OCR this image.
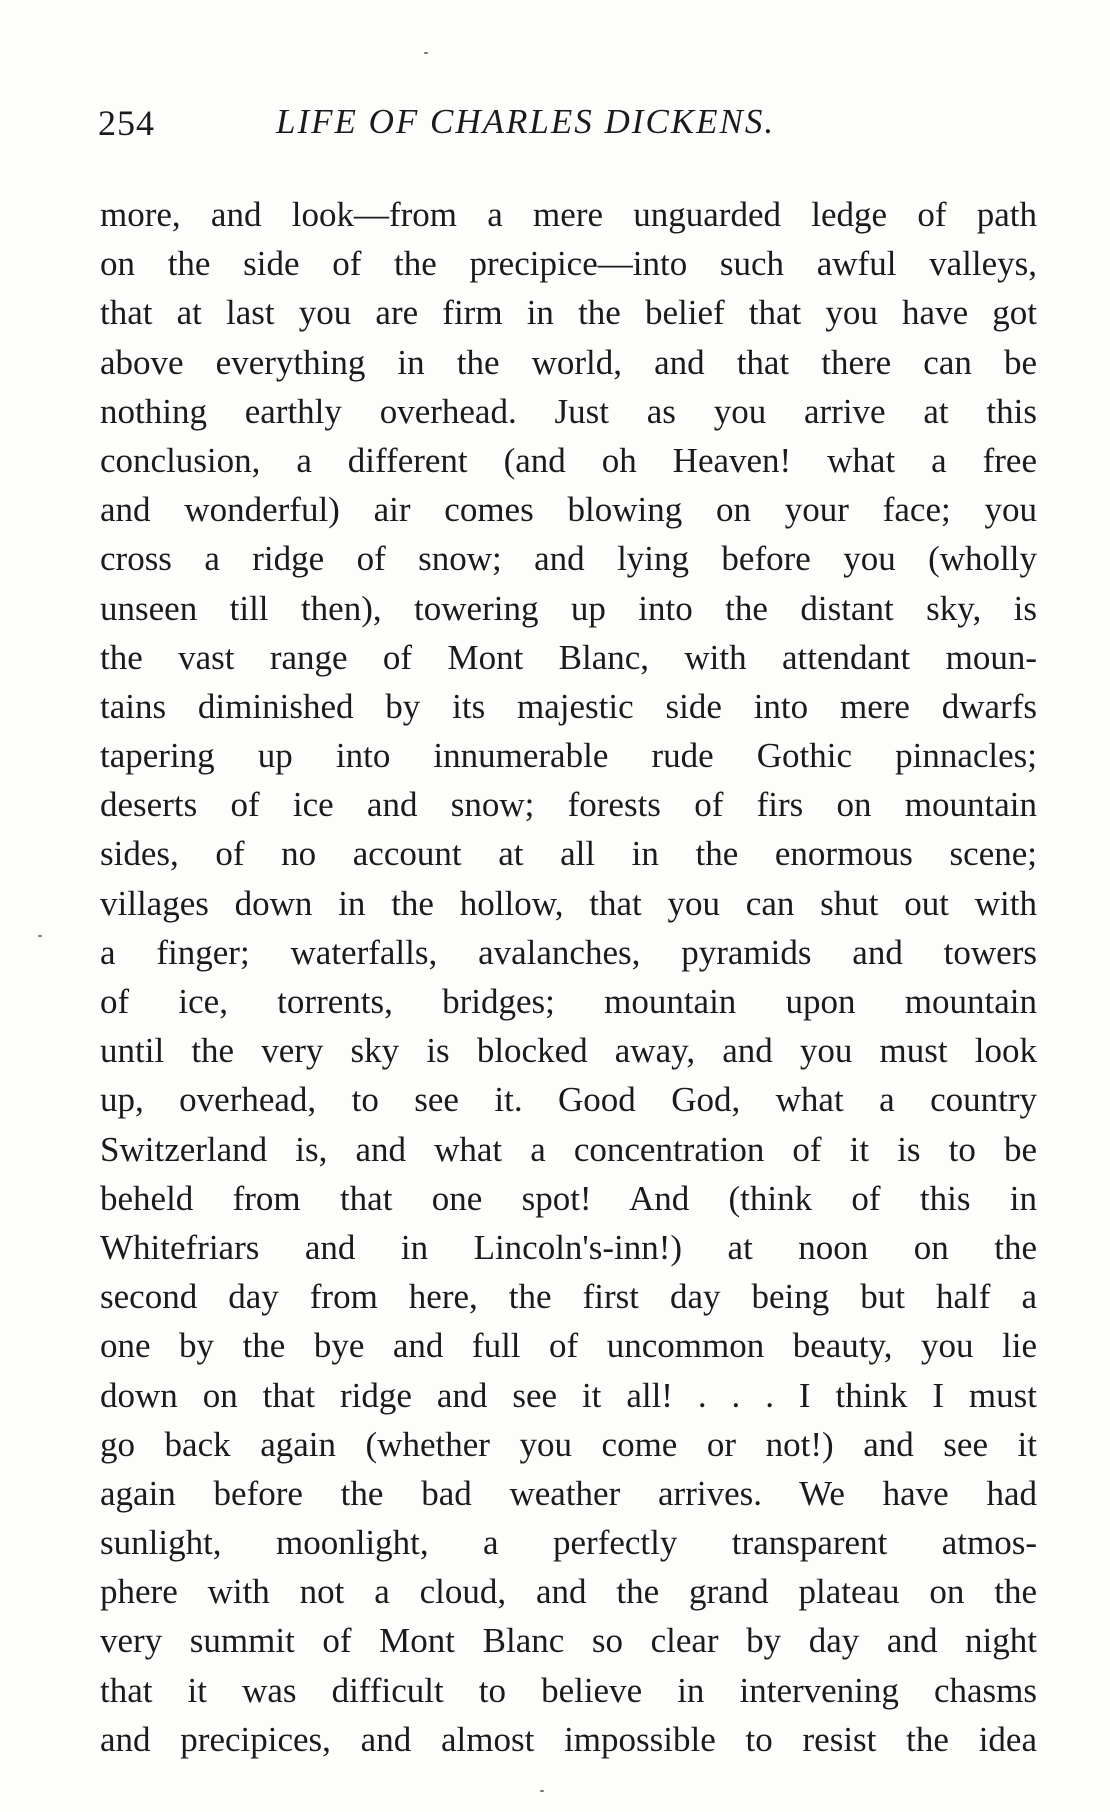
254	LIFE OF CHARLES DICKENS.
more, and look—from a mere unguarded ledge of path
on the side of the precipice—into such awful valleys,
that at last you are firm in the belief that you have got
above everything in the world, and that there can be
nothing earthly overhead. Just as you arrive at this
conclusion, a different (and oh Heaven! what a free
and wonderful) air comes blowing on your face; you
cross a ridge of snow; and lying before you (wholly
unseen till then), towering up into the distant sky, is
the vast range of Mont Blanc, with attendant moun-
tains diminished by its majestic side into mere dwarfs
tapering up into innumerable rude Gothic pinnacles;
deserts of ice and snow; forests of firs on mountain
sides, of no account at all in the enormous scene;
villages down in the hollow, that you can shut out with
a finger; waterfalls, avalanches, pyramids and towers
of ice, torrents, bridges; mountain upon mountain
until the very sky is blocked away, and you must look
up, overhead, to see it. Good God, what a country
Switzerland is, and what a concentration of it is to be
beheld from that one spot! And (think of this in
Whitefriars and in Lincoln's-inn!) at noon on the
second day from here, the first day being but half a
one by the bye and full of uncommon beauty, you lie
down on that ridge and see it all! . . . I think I must
go back again (whether you come or not!) and see it
again before the bad weather arrives. We have had
sunlight, moonlight, a perfectly transparent atmos-
phere with not a cloud, and the grand plateau on the
very summit of Mont Blanc so clear by day and night
that it was difficult to believe in intervening chasms
and precipices, and almost impossible to resist the idea
